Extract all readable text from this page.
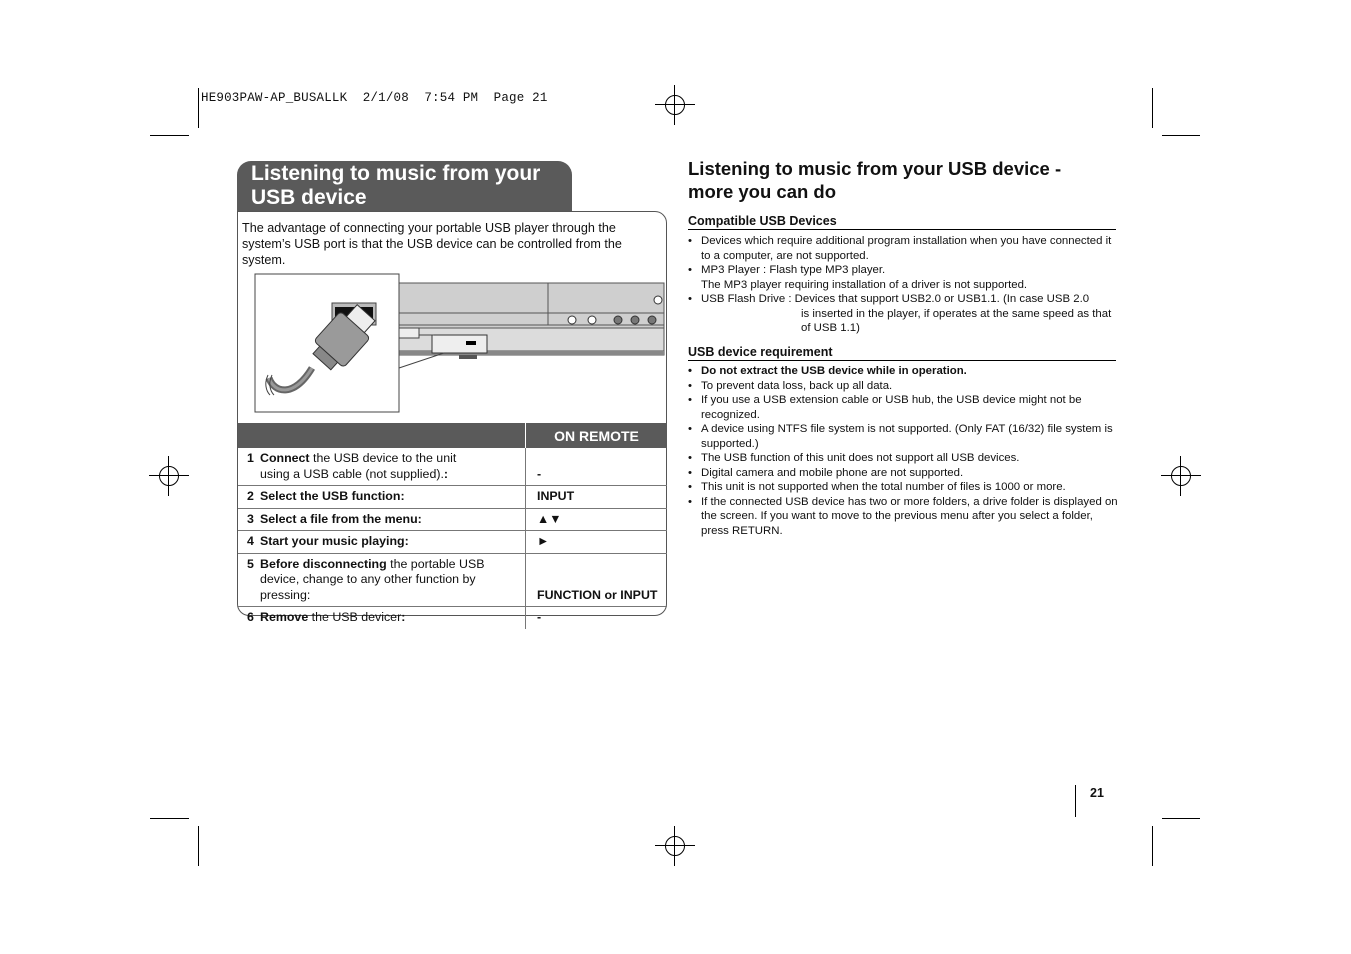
HE903PAW-AP_BUSALLK  2/1/08  7:54 PM  Page 21
Listening to music from your USB device
The advantage of connecting your portable USB player through the system’s USB port is that the USB device can be controlled from the system.
	ON REMOTE
1 Connect the USB device to the unit
using a USB cable (not supplied).:	-
2 Select the USB function:	INPUT
3 Select a file from the menu:	▲▼
4 Start your music playing:	►
5 Before disconnecting the portable USB
device, change to any other function by
pressing:	FUNCTION or INPUT
6 Remove the USB devicer:	-
Listening to music from your USB device - more you can do
Compatible USB Devices
• Devices which require additional program installation when you have connected it to a computer, are not supported.
• MP3 Player : Flash type MP3 player.
The MP3 player requiring installation of a driver is not supported.
• USB Flash Drive : Devices that support USB2.0 or USB1.1. (In case USB 2.0
is inserted in the player, if operates at the same speed as that of USB 1.1)
USB device requirement
• Do not extract the USB device while in operation.
• To prevent data loss, back up all data.
• If you use a USB extension cable or USB hub, the USB device might not be recognized.
• A device using NTFS file system is not supported. (Only FAT (16/32) file system is supported.)
• The USB function of this unit does not support all USB devices.
• Digital camera and mobile phone are not supported.
• This unit is not supported when the total number of files is 1000 or more.
• If the connected USB device has two or more folders, a drive folder is displayed on the screen. If you want to move to the previous menu after you select a folder, press RETURN.
21
